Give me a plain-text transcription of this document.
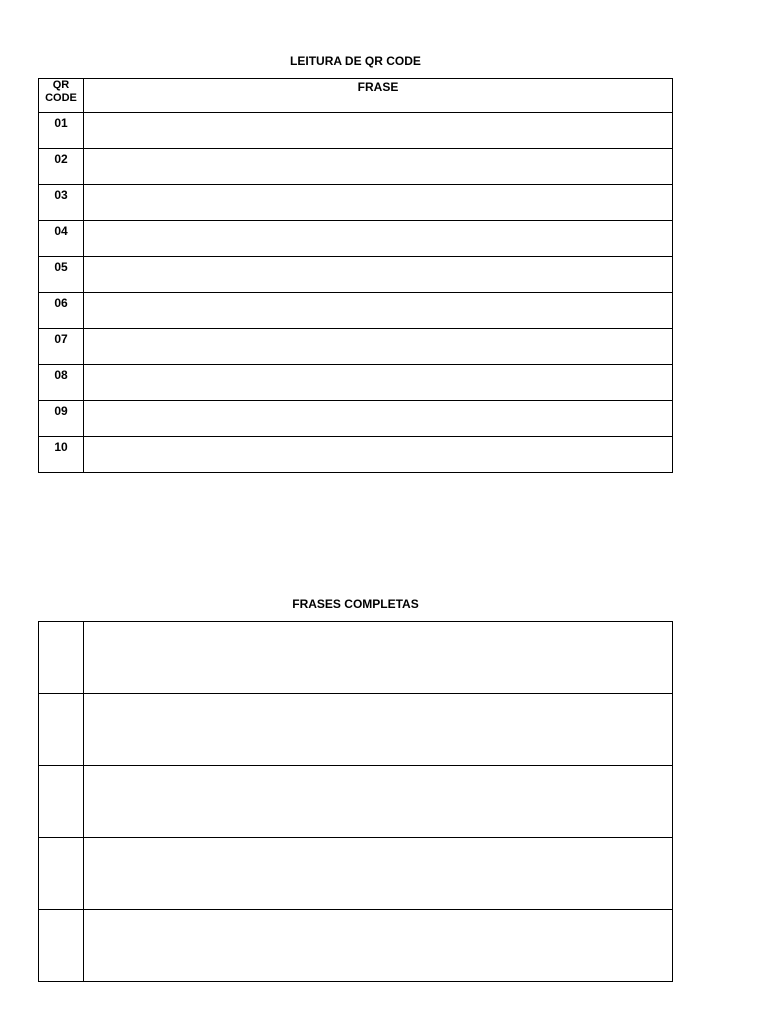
LEITURA DE QR CODE
QR CODE	FRASE
01	
02	
03	
04	
05	
06	
07	
08	
09	
10	
FRASES COMPLETAS
